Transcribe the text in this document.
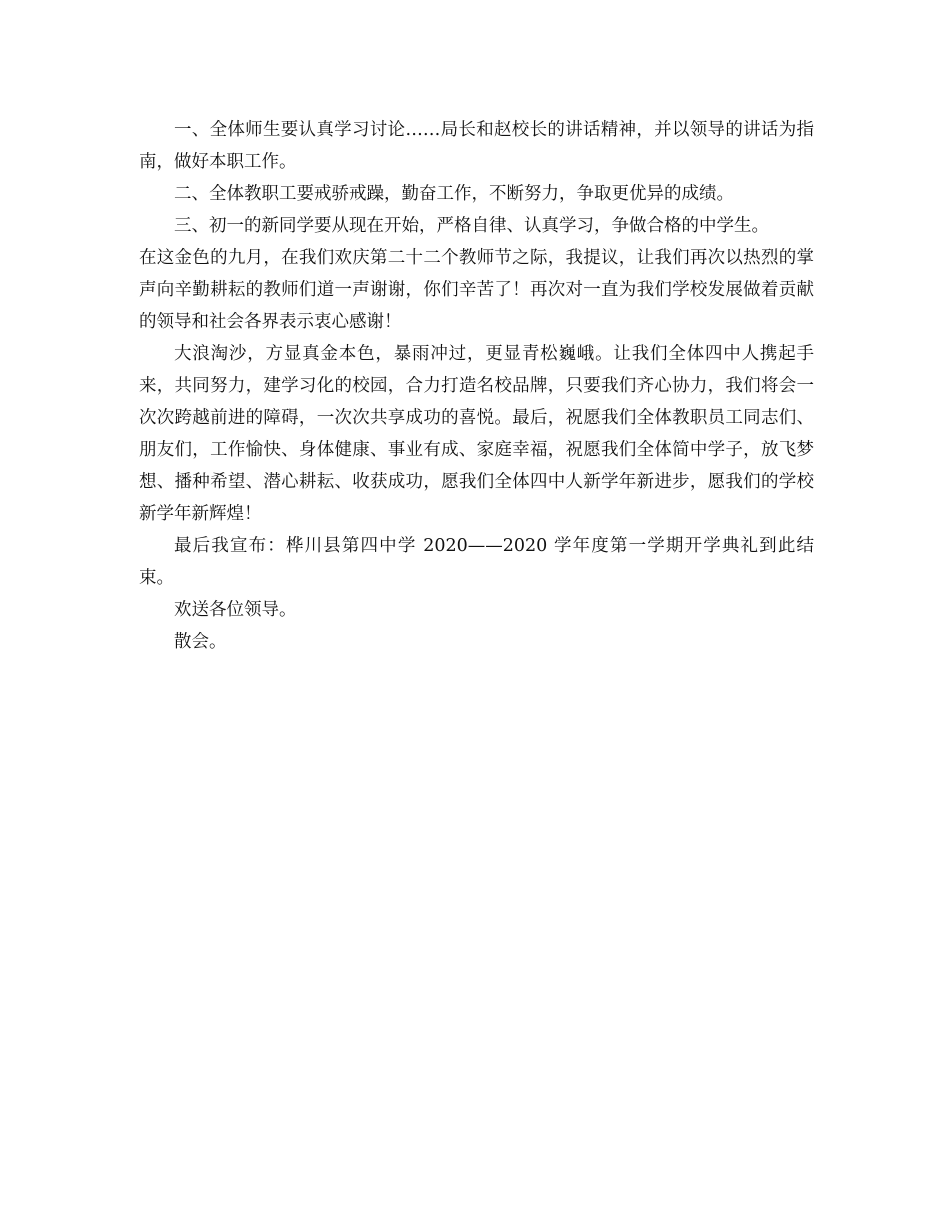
一、全体师生要认真学习讨论……局长和赵校长的讲话精神，并以领导的讲话为指南，做好本职工作。

二、全体教职工要戒骄戒躁，勤奋工作，不断努力，争取更优异的成绩。

三、初一的新同学要从现在开始，严格自律、认真学习，争做合格的中学生。

在这金色的九月，在我们欢庆第二十二个教师节之际，我提议，让我们再次以热烈的掌声向辛勤耕耘的教师们道一声谢谢，你们辛苦了！再次对一直为我们学校发展做着贡献的领导和社会各界表示衷心感谢！

大浪淘沙，方显真金本色，暴雨冲过，更显青松巍峨。让我们全体四中人携起手来，共同努力，建学习化的校园，合力打造名校品牌，只要我们齐心协力，我们将会一次次跨越前进的障碍，一次次共享成功的喜悦。最后，祝愿我们全体教职员工同志们、朋友们，工作愉快、身体健康、事业有成、家庭幸福，祝愿我们全体简中学子，放飞梦想、播种希望、潜心耕耘、收获成功，愿我们全体四中人新学年新进步，愿我们的学校新学年新辉煌！

最后我宣布：桦川县第四中学 2020——2020 学年度第一学期开学典礼到此结束。

欢送各位领导。

散会。
